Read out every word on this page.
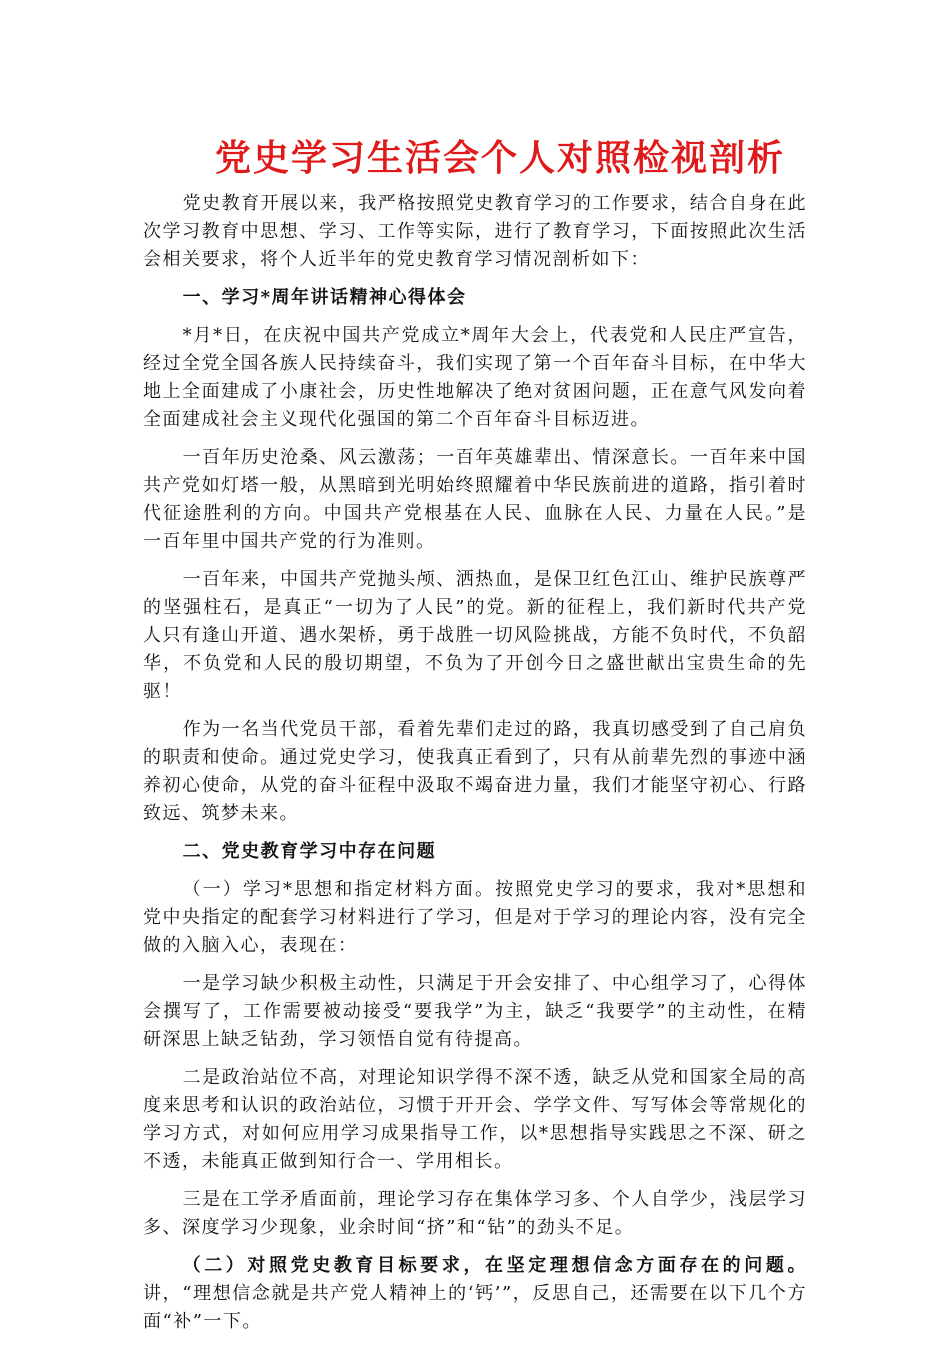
党史学习生活会个人对照检视剖析

党史教育开展以来，我严格按照党史教育学习的工作要求，结合自身在此次学习教育中思想、学习、工作等实际，进行了教育学习，下面按照此次生活会相关要求，将个人近半年的党史教育学习情况剖析如下：

一、学习*周年讲话精神心得体会

*月*日，在庆祝中国共产党成立*周年大会上，代表党和人民庄严宣告，经过全党全国各族人民持续奋斗，我们实现了第一个百年奋斗目标，在中华大地上全面建成了小康社会，历史性地解决了绝对贫困问题，正在意气风发向着全面建成社会主义现代化强国的第二个百年奋斗目标迈进。

一百年历史沧桑、风云激荡；一百年英雄辈出、情深意长。一百年来中国共产党如灯塔一般，从黑暗到光明始终照耀着中华民族前进的道路，指引着时代征途胜利的方向。中国共产党根基在人民、血脉在人民、力量在人民。”是一百年里中国共产党的行为准则。

一百年来，中国共产党抛头颅、洒热血，是保卫红色江山、维护民族尊严的坚强柱石，是真正“一切为了人民”的党。新的征程上，我们新时代共产党人只有逢山开道、遇水架桥，勇于战胜一切风险挑战，方能不负时代，不负韶华，不负党和人民的殷切期望，不负为了开创今日之盛世献出宝贵生命的先驱！

作为一名当代党员干部，看着先辈们走过的路，我真切感受到了自己肩负的职责和使命。通过党史学习，使我真正看到了，只有从前辈先烈的事迹中涵养初心使命，从党的奋斗征程中汲取不竭奋进力量，我们才能坚守初心、行路致远、筑梦未来。

二、党史教育学习中存在问题

（一）学习*思想和指定材料方面。按照党史学习的要求，我对*思想和党中央指定的配套学习材料进行了学习，但是对于学习的理论内容，没有完全做的入脑入心，表现在：

一是学习缺少积极主动性，只满足于开会安排了、中心组学习了，心得体会撰写了，工作需要被动接受“要我学”为主，缺乏“我要学”的主动性，在精研深思上缺乏钻劲，学习领悟自觉有待提高。

二是政治站位不高，对理论知识学得不深不透，缺乏从党和国家全局的高度来思考和认识的政治站位，习惯于开开会、学学文件、写写体会等常规化的学习方式，对如何应用学习成果指导工作，以*思想指导实践思之不深、研之不透，未能真正做到知行合一、学用相长。

三是在工学矛盾面前，理论学习存在集体学习多、个人自学少，浅层学习多、深度学习少现象，业余时间“挤”和“钻”的劲头不足。

（二）对照党史教育目标要求，在坚定理想信念方面存在的问题。讲，“理想信念就是共产党人精神上的‘钙’”，反思自己，还需要在以下几个方面“补”一下。
